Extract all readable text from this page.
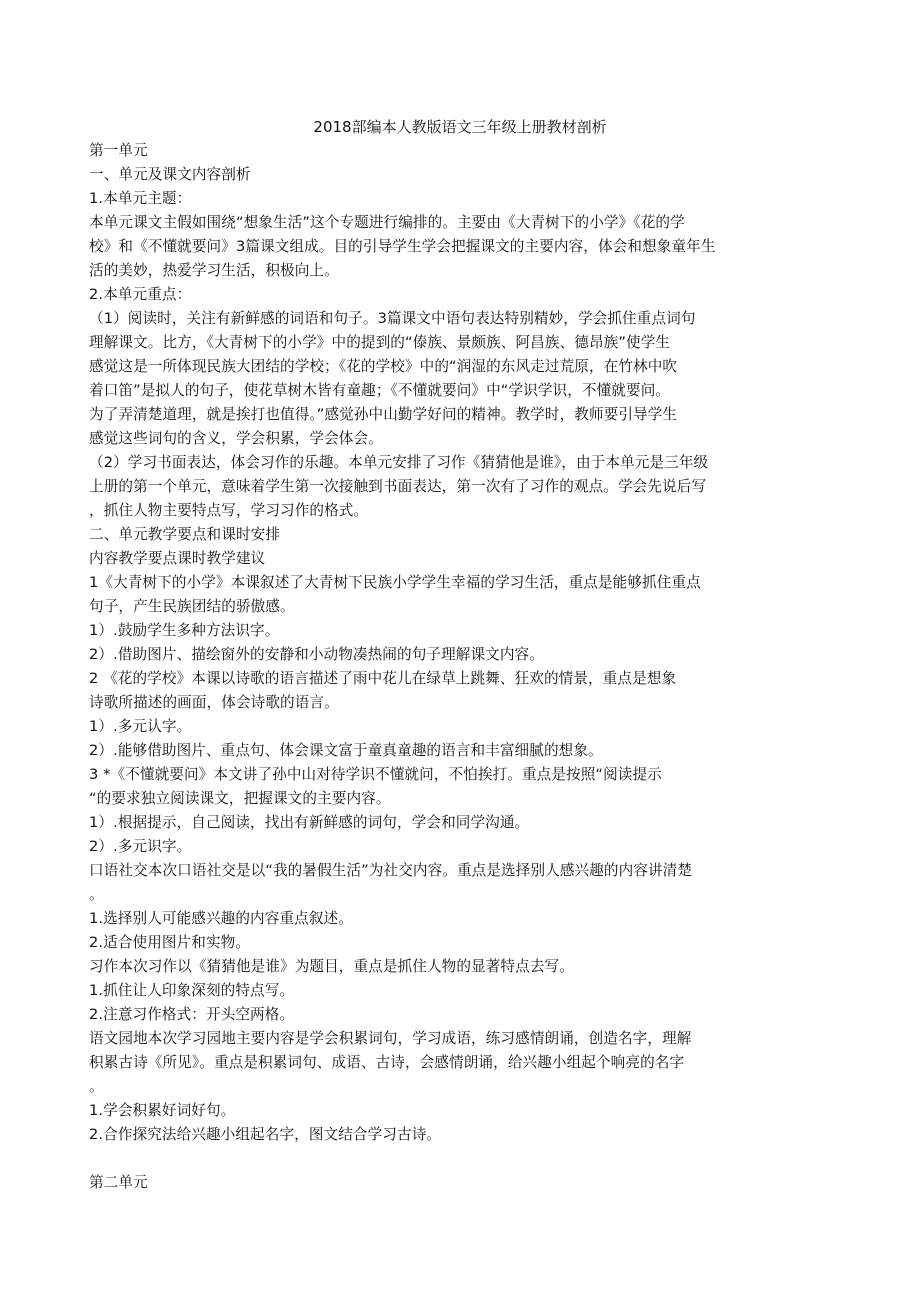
2018部编本人教版语文三年级上册教材剖析
第一单元
一、单元及课文内容剖析
1.本单元主题：
本单元课文主假如围绕“想象生活”这个专题进行编排的。主要由《大青树下的小学》《花的学
校》和《不懂就要问》3篇课文组成。目的引导学生学会把握课文的主要内容，体会和想象童年生
活的美妙，热爱学习生活，积极向上。
2.本单元重点：
（1）阅读时，关注有新鲜感的词语和句子。3篇课文中语句表达特别精妙，学会抓住重点词句
理解课文。比方，《大青树下的小学》中的提到的“傣族、景颇族、阿昌族、德昂族”使学生
感觉这是一所体现民族大团结的学校；《花的学校》中的“润湿的东风走过荒原，在竹林中吹
着口笛”是拟人的句子，使花草树木皆有童趣；《不懂就要问》中“学识学识，不懂就要问。
为了弄清楚道理，就是挨打也值得。”感觉孙中山勤学好问的精神。教学时，教师要引导学生
感觉这些词句的含义，学会积累，学会体会。
（2）学习书面表达，体会习作的乐趣。本单元安排了习作《猜猜他是谁》，由于本单元是三年级
上册的第一个单元，意味着学生第一次接触到书面表达，第一次有了习作的观点。学会先说后写
，抓住人物主要特点写，学习习作的格式。
二、单元教学要点和课时安排
内容教学要点课时教学建议
1《大青树下的小学》本课叙述了大青树下民族小学学生幸福的学习生活，重点是能够抓住重点
句子，产生民族团结的骄傲感。
1）.鼓励学生多种方法识字。
2）.借助图片、描绘窗外的安静和小动物凑热闹的句子理解课文内容。
2 《花的学校》本课以诗歌的语言描述了雨中花儿在绿草上跳舞、狂欢的情景，重点是想象
诗歌所描述的画面，体会诗歌的语言。
1）.多元认字。
2）.能够借助图片、重点句、体会课文富于童真童趣的语言和丰富细腻的想象。
3 *《不懂就要问》本文讲了孙中山对待学识不懂就问，不怕挨打。重点是按照“阅读提示
“的要求独立阅读课文，把握课文的主要内容。
1）.根据提示，自己阅读，找出有新鲜感的词句，学会和同学沟通。
2）.多元识字。
口语社交本次口语社交是以“我的暑假生活”为社交内容。重点是选择别人感兴趣的内容讲清楚
。
1.选择别人可能感兴趣的内容重点叙述。
2.适合使用图片和实物。
习作本次习作以《猜猜他是谁》为题目，重点是抓住人物的显著特点去写。
1.抓住让人印象深刻的特点写。
2.注意习作格式：开头空两格。
语文园地本次学习园地主要内容是学会积累词句，学习成语，练习感情朗诵，创造名字，理解
积累古诗《所见》。重点是积累词句、成语、古诗，会感情朗诵，给兴趣小组起个响亮的名字
。
1.学会积累好词好句。
2.合作探究法给兴趣小组起名字，图文结合学习古诗。
第二单元
